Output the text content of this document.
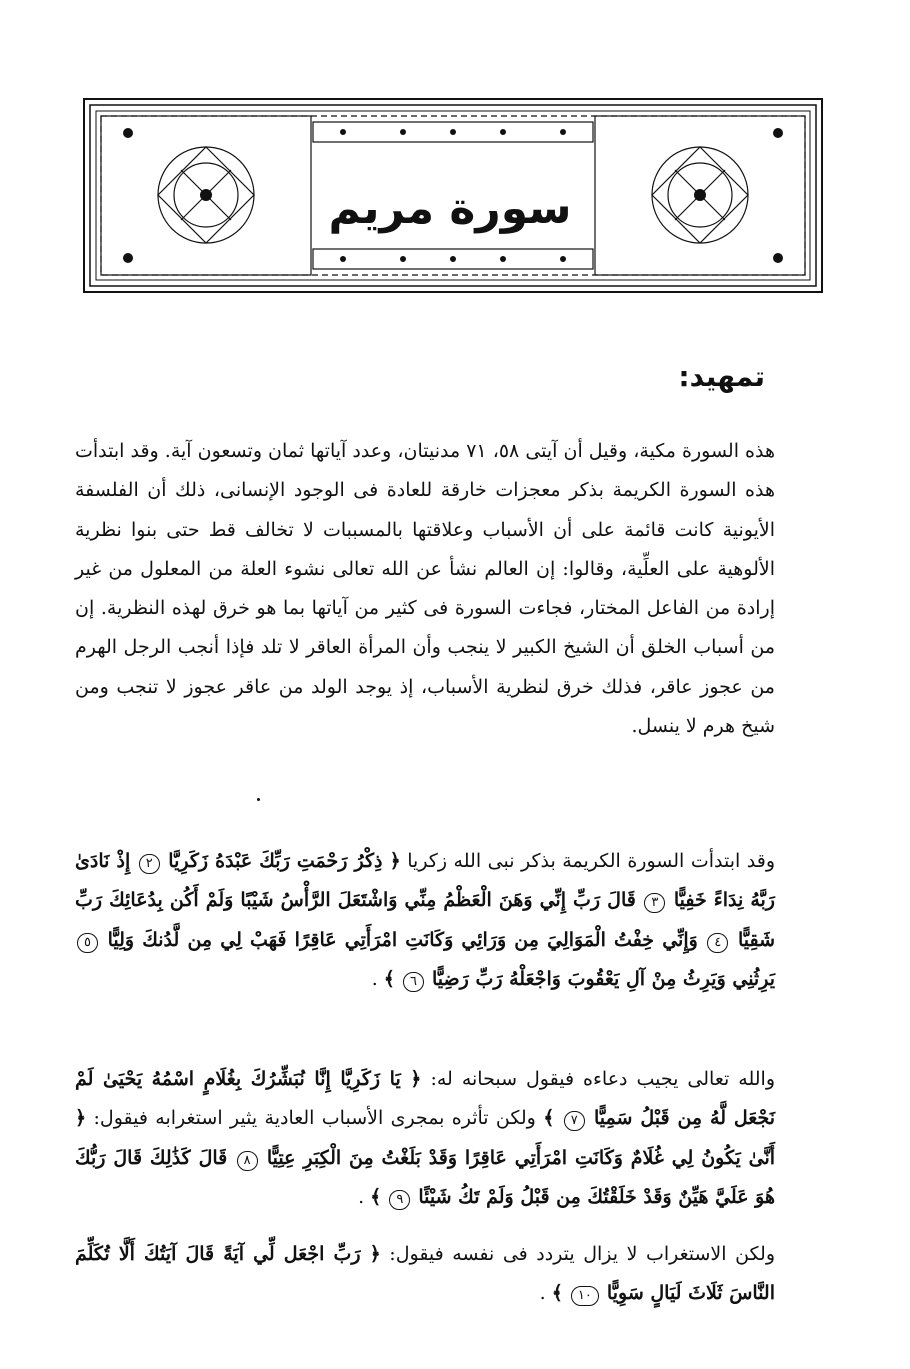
سورة مريم
تمهيد:
هذه السورة مكية، وقيل أن آيتى ٥٨، ٧١ مدنيتان، وعدد آياتها ثمان وتسعون آية. وقد ابتدأت هذه السورة الكريمة بذكر معجزات خارقة للعادة فى الوجود الإنسانى، ذلك أن الفلسفة الأيونية كانت قائمة على أن الأسباب وعلاقتها بالمسببات لا تخالف قط حتى بنوا نظرية الألوهية على العلِّية، وقالوا: إن العالم نشأ عن الله تعالى نشوء العلة من المعلول من غير إرادة من الفاعل المختار، فجاءت السورة فى كثير من آياتها بما هو خرق لهذه النظرية. إن من أسباب الخلق أن الشيخ الكبير لا ينجب وأن المرأة العاقر لا تلد فإذا أنجب الرجل الهرم من عجوز عاقر، فذلك خرق لنظرية الأسباب، إذ يوجد الولد من عاقر عجوز لا تنجب ومن شيخ هرم لا ينسل.
وقد ابتدأت السورة الكريمة بذكر نبى الله زكريا ﴿ ذِكْرُ رَحْمَتِ رَبِّكَ عَبْدَهُ زَكَرِيَّا ٢ إِذْ نَادَىٰ رَبَّهُ نِدَاءً خَفِيًّا ٣ قَالَ رَبِّ إِنِّي وَهَنَ الْعَظْمُ مِنِّي وَاشْتَعَلَ الرَّأْسُ شَيْبًا وَلَمْ أَكُن بِدُعَائِكَ رَبِّ شَقِيًّا ٤ وَإِنِّي خِفْتُ الْمَوَالِيَ مِن وَرَائِي وَكَانَتِ امْرَأَتِي عَاقِرًا فَهَبْ لِي مِن لَّدُنكَ وَلِيًّا ٥ يَرِثُنِي وَيَرِثُ مِنْ آلِ يَعْقُوبَ وَاجْعَلْهُ رَبِّ رَضِيًّا ٦ ﴾ .
والله تعالى يجيب دعاءه فيقول سبحانه له: ﴿ يَا زَكَرِيَّا إِنَّا نُبَشِّرُكَ بِغُلَامٍ اسْمُهُ يَحْيَىٰ لَمْ نَجْعَل لَّهُ مِن قَبْلُ سَمِيًّا ٧ ﴾ ولكن تأثره بمجرى الأسباب العادية يثير استغرابه فيقول: ﴿ أَنَّىٰ يَكُونُ لِي غُلَامٌ وَكَانَتِ امْرَأَتِي عَاقِرًا وَقَدْ بَلَغْتُ مِنَ الْكِبَرِ عِتِيًّا ٨ قَالَ كَذَٰلِكَ قَالَ رَبُّكَ هُوَ عَلَيَّ هَيِّنٌ وَقَدْ خَلَقْتُكَ مِن قَبْلُ وَلَمْ تَكُ شَيْئًا ٩ ﴾ .
ولكن الاستغراب لا يزال يتردد فى نفسه فيقول: ﴿ رَبِّ اجْعَل لِّي آيَةً قَالَ آيَتُكَ أَلَّا تُكَلِّمَ النَّاسَ ثَلَاثَ لَيَالٍ سَوِيًّا ١٠ ﴾ .
